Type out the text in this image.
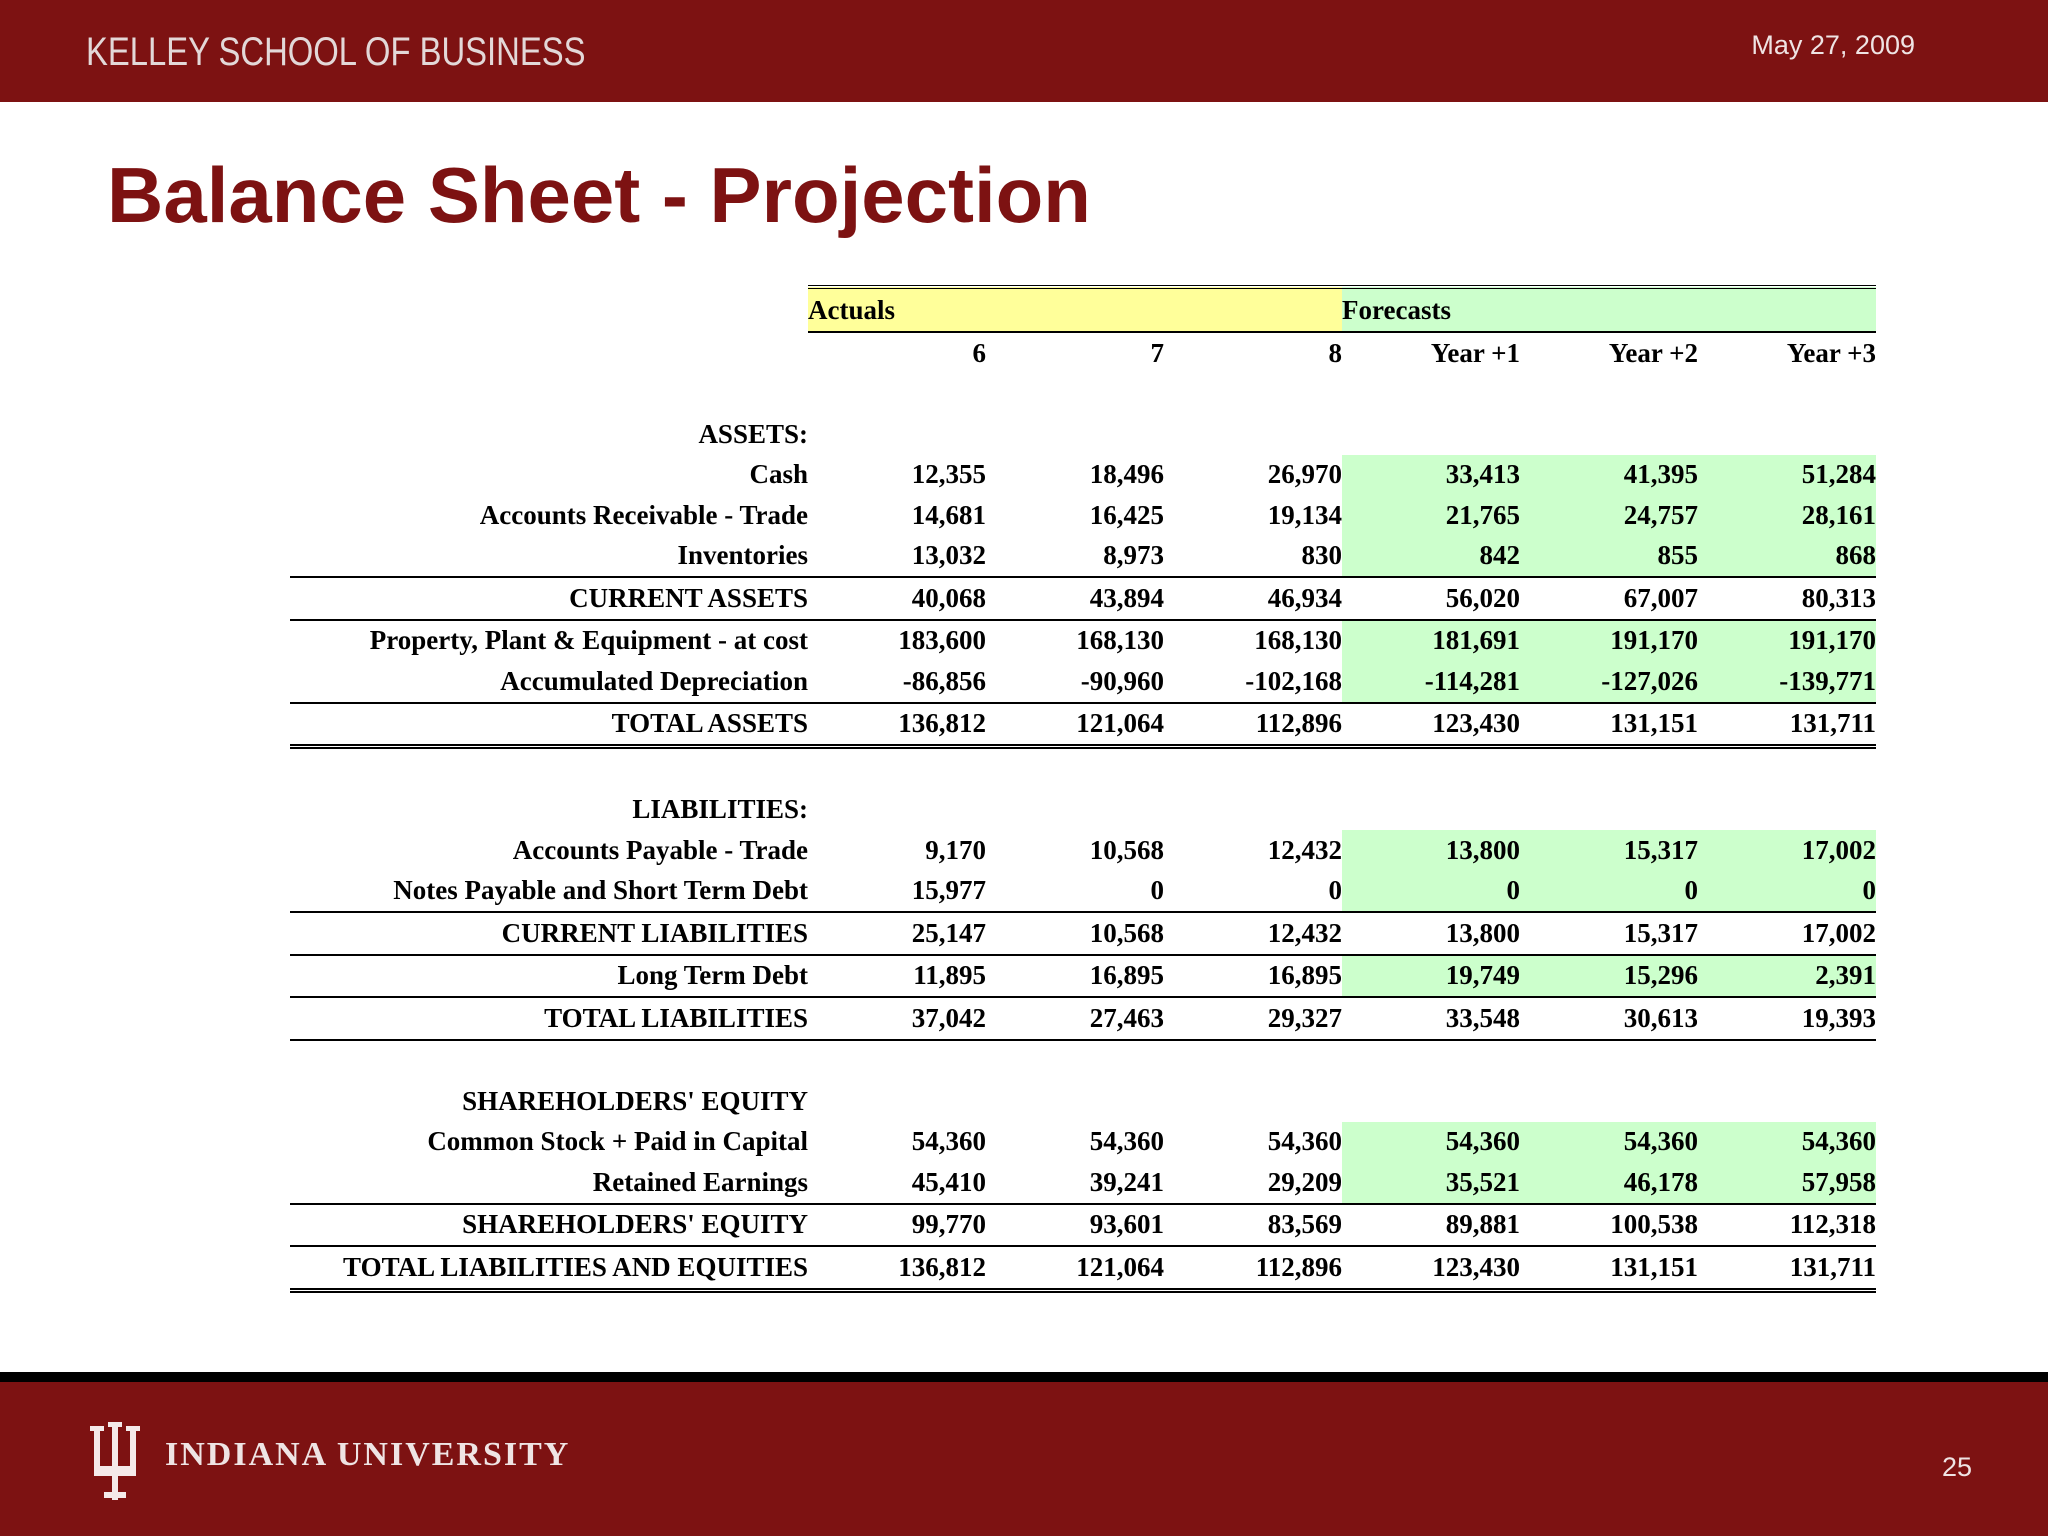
KELLEY SCHOOL OF BUSINESS	May 27, 2009
Balance Sheet - Projection
	Actuals			Forecasts		
	6	7	8	Year +1	Year +2	Year +3

ASSETS:						
Cash	12,355	18,496	26,970	33,413	41,395	51,284
Accounts Receivable - Trade	14,681	16,425	19,134	21,765	24,757	28,161
Inventories	13,032	8,973	830	842	855	868
CURRENT ASSETS	40,068	43,894	46,934	56,020	67,007	80,313
Property, Plant & Equipment - at cost	183,600	168,130	168,130	181,691	191,170	191,170
Accumulated Depreciation	-86,856	-90,960	-102,168	-114,281	-127,026	-139,771
TOTAL ASSETS	136,812	121,064	112,896	123,430	131,151	131,711

LIABILITIES:						
Accounts Payable - Trade	9,170	10,568	12,432	13,800	15,317	17,002
Notes Payable and Short Term Debt	15,977	0	0	0	0	0
CURRENT LIABILITIES	25,147	10,568	12,432	13,800	15,317	17,002
Long Term Debt	11,895	16,895	16,895	19,749	15,296	2,391
TOTAL LIABILITIES	37,042	27,463	29,327	33,548	30,613	19,393

SHAREHOLDERS' EQUITY						
Common Stock + Paid in Capital	54,360	54,360	54,360	54,360	54,360	54,360
Retained Earnings	45,410	39,241	29,209	35,521	46,178	57,958
SHAREHOLDERS' EQUITY	99,770	93,601	83,569	89,881	100,538	112,318
TOTAL LIABILITIES AND EQUITIES	136,812	121,064	112,896	123,430	131,151	131,711
INDIANA UNIVERSITY	25
